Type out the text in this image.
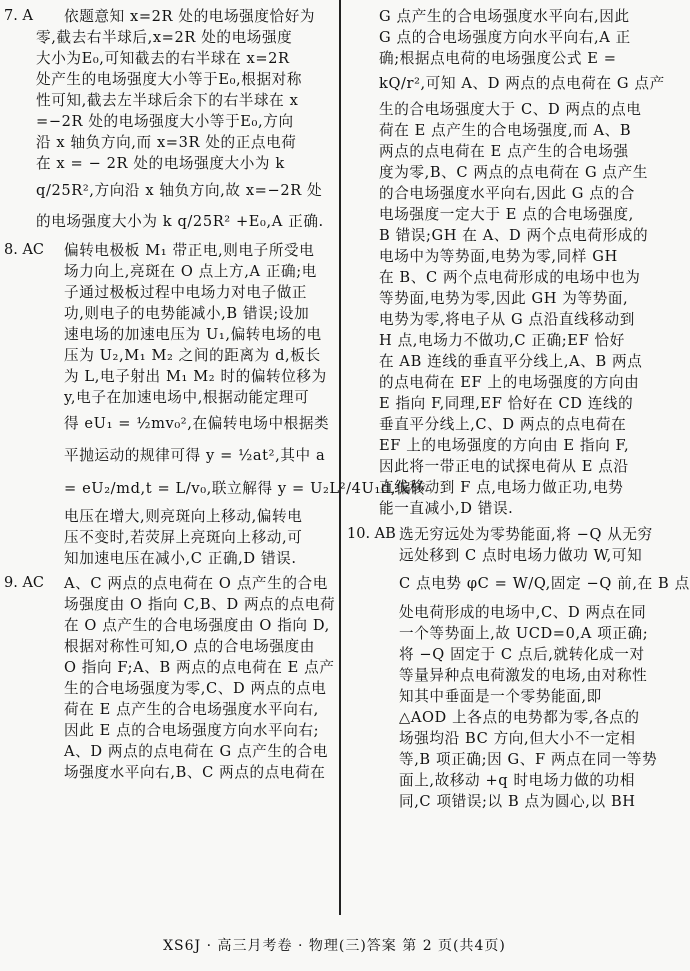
7. A	依题意知 x=2R 处的电场强度恰好为
零,截去右半球后,x=2R 处的电场强度
大小为E₀,可知截去的右半球在 x=2R
处产生的电场强度大小等于E₀,根据对称
性可知,截去左半球后余下的右半球在 x
=−2R 处的电场强度大小等于E₀,方向
沿 x 轴负方向,而 x=3R 处的正点电荷
在 x = − 2R 处的电场强度大小为 k
q/25R²,方向沿 x 轴负方向,故 x=−2R 处
的电场强度大小为 k q/25R² +E₀,A 正确.
8. AC	偏转电极板 M₁ 带正电,则电子所受电
场力向上,亮斑在 O 点上方,A 正确;电
子通过极板过程中电场力对电子做正
功,则电子的电势能减小,B 错误;设加
速电场的加速电压为 U₁,偏转电场的电
压为 U₂,M₁ M₂ 之间的距离为 d,板长
为 L,电子射出 M₁ M₂ 时的偏转位移为
y,电子在加速电场中,根据动能定理可
得 eU₁ = ½mv₀²,在偏转电场中根据类
平抛运动的规律可得 y = ½at²,其中 a
= eU₂/md,t = L/v₀,联立解得 y = U₂L²/4U₁d,偏转
电压在增大,则亮斑向上移动,偏转电
压不变时,若荧屏上亮斑向上移动,可
知加速电压在减小,C 正确,D 错误.
9. AC	A、C 两点的点电荷在 O 点产生的合电
场强度由 O 指向 C,B、D 两点的点电荷
在 O 点产生的合电场强度由 O 指向 D,
根据对称性可知,O 点的合电场强度由
O 指向 F;A、B 两点的点电荷在 E 点产
生的合电场强度为零,C、D 两点的点电
荷在 E 点产生的合电场强度水平向右,
因此 E 点的合电场强度方向水平向右;
A、D 两点的点电荷在 G 点产生的合电
场强度水平向右,B、C 两点的点电荷在
G 点产生的合电场强度水平向右,因此
G 点的合电场强度方向水平向右,A 正
确;根据点电荷的电场强度公式 E =
kQ/r²,可知 A、D 两点的点电荷在 G 点产
生的合电场强度大于 C、D 两点的点电
荷在 E 点产生的合电场强度,而 A、B
两点的点电荷在 E 点产生的合电场强
度为零,B、C 两点的点电荷在 G 点产生
的合电场强度水平向右,因此 G 点的合
电场强度一定大于 E 点的合电场强度,
B 错误;GH 在 A、D 两个点电荷形成的
电场中为等势面,电势为零,同样 GH
在 B、C 两个点电荷形成的电场中也为
等势面,电势为零,因此 GH 为等势面,
电势为零,将电子从 G 点沿直线移动到
H 点,电场力不做功,C 正确;EF 恰好
在 AB 连线的垂直平分线上,A、B 两点
的点电荷在 EF 上的电场强度的方向由
E 指向 F,同理,EF 恰好在 CD 连线的
垂直平分线上,C、D 两点的点电荷在
EF 上的电场强度的方向由 E 指向 F,
因此将一带正电的试探电荷从 E 点沿
直线移动到 F 点,电场力做正功,电势
能一直减小,D 错误.
10. AB 选无穷远处为零势能面,将 −Q 从无穷
远处移到 C 点时电场力做功 W,可知
C 点电势 φC = W/Q,固定 −Q 前,在 B 点
处电荷形成的电场中,C、D 两点在同
一个等势面上,故 UCD=0,A 项正确;
将 −Q 固定于 C 点后,就转化成一对
等量异种点电荷激发的电场,由对称性
知其中垂面是一个零势能面,即
△AOD 上各点的电势都为零,各点的
场强均沿 BC 方向,但大小不一定相
等,B 项正确;因 G、F 两点在同一等势
面上,故移动 +q 时电场力做的功相
同,C 项错误;以 B 点为圆心,以 BH
XS6J · 高三月考卷 · 物理(三)答案 第 2 页(共4页)
